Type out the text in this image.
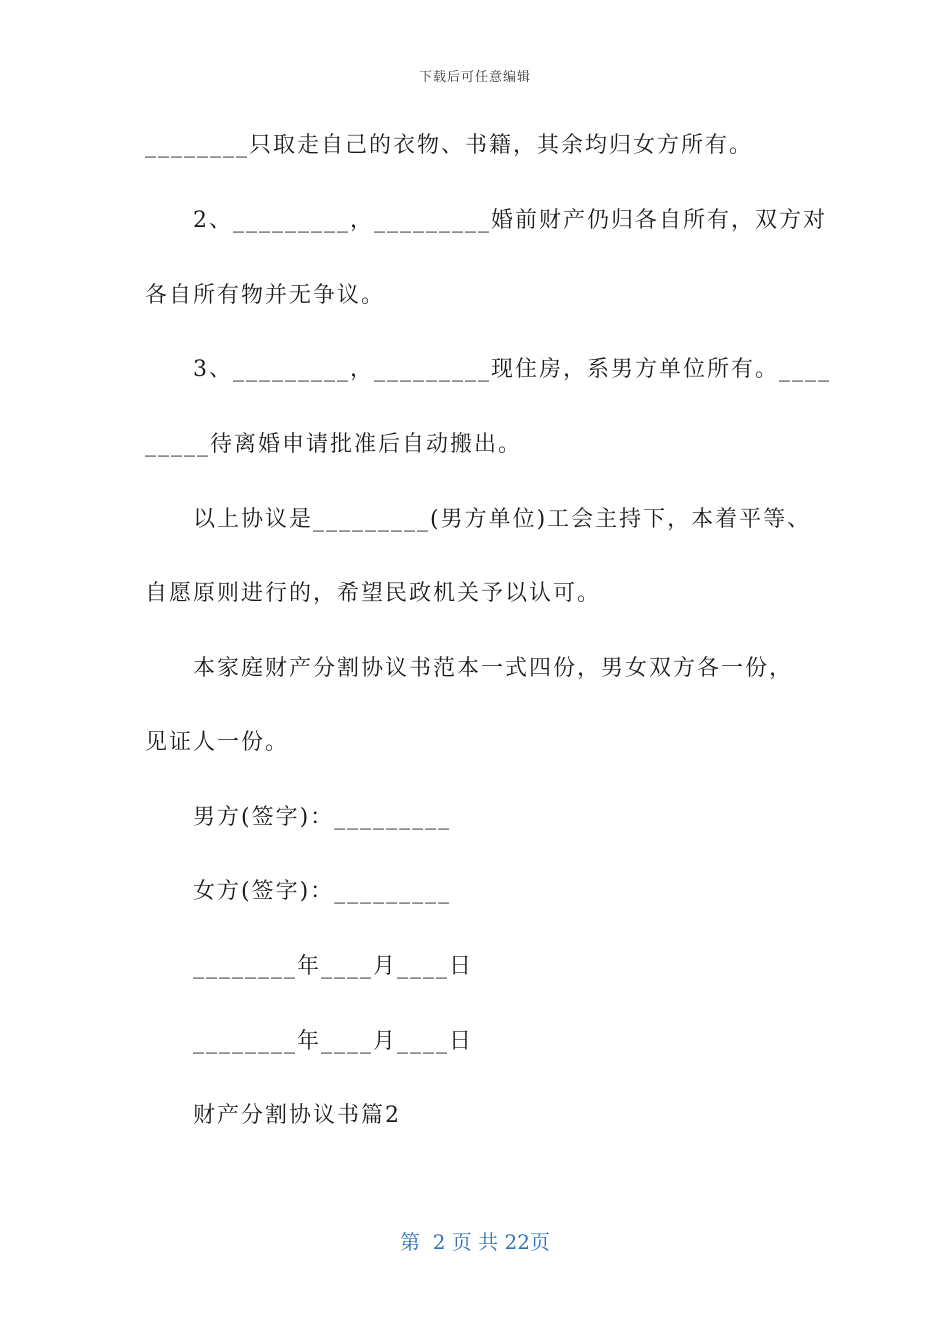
下载后可任意编辑
________只取走自己的衣物、书籍，其余均归女方所有。
2、_________，_________婚前财产仍归各自所有，双方对
各自所有物并无争议。
3、_________，_________现住房，系男方单位所有。____
_____待离婚申请批准后自动搬出。
以上协议是_________(男方单位)工会主持下，本着平等、
自愿原则进行的，希望民政机关予以认可。
本家庭财产分割协议书范本一式四份，男女双方各一份，
见证人一份。
男方(签字)：_________
女方(签字)：_________
________年____月____日
________年____月____日
财产分割协议书篇2
第  2 页 共 22页
